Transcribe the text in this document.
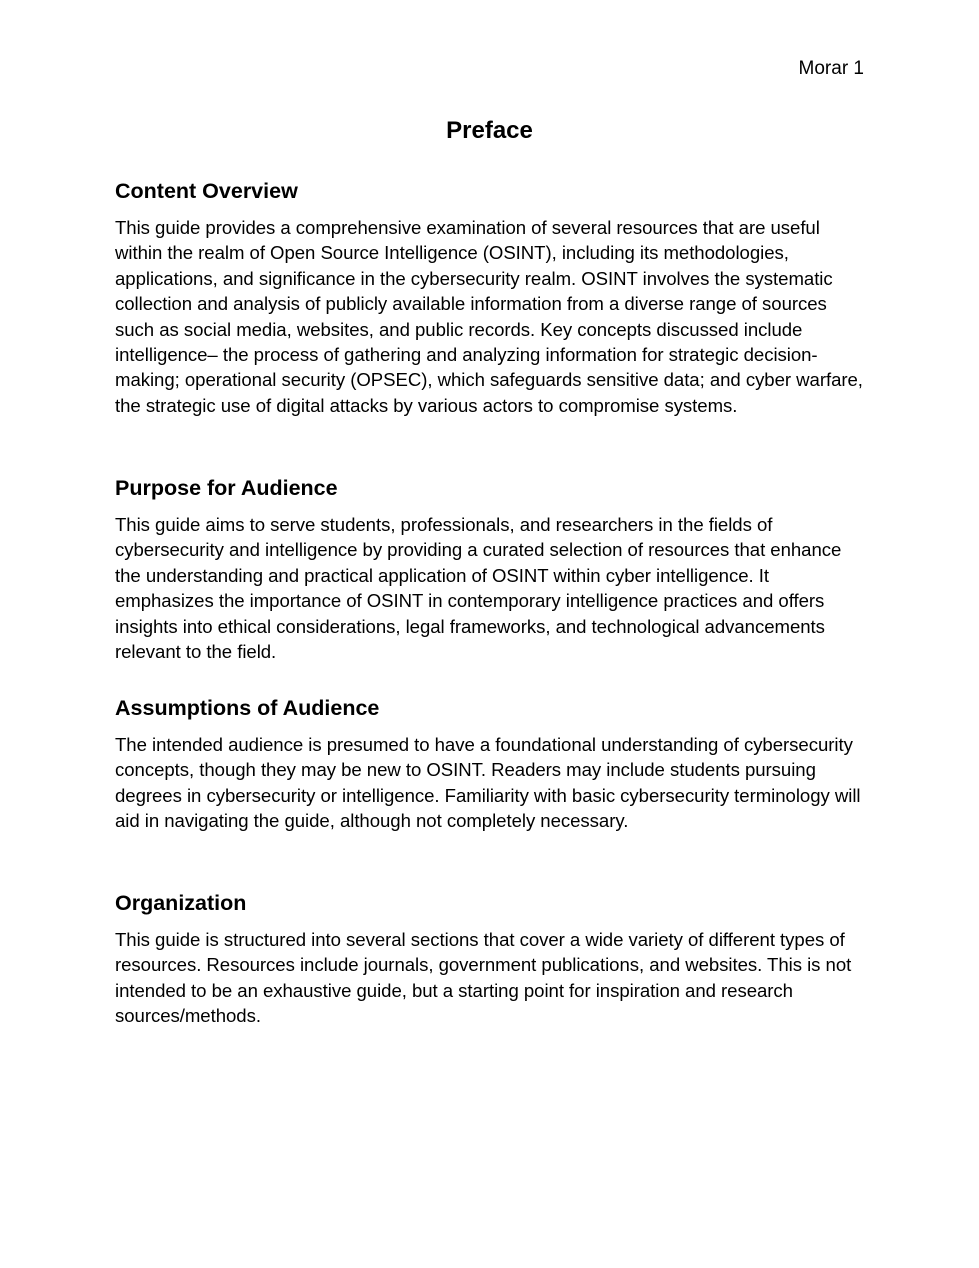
Morar 1
Preface
Content Overview

This guide provides a comprehensive examination of several resources that are useful within the realm of Open Source Intelligence (OSINT), including its methodologies, applications, and significance in the cybersecurity realm. OSINT involves the systematic collection and analysis of publicly available information from a diverse range of sources such as social media, websites, and public records. Key concepts discussed include intelligence– the process of gathering and analyzing information for strategic decision-making; operational security (OPSEC), which safeguards sensitive data; and cyber warfare, the strategic use of digital attacks by various actors to compromise systems.

Purpose for Audience

This guide aims to serve students, professionals, and researchers in the fields of cybersecurity and intelligence by providing a curated selection of resources that enhance the understanding and practical application of OSINT within cyber intelligence. It emphasizes the importance of OSINT in contemporary intelligence practices and offers insights into ethical considerations, legal frameworks, and technological advancements relevant to the field.

Assumptions of Audience

The intended audience is presumed to have a foundational understanding of cybersecurity concepts, though they may be new to OSINT. Readers may include students pursuing degrees in cybersecurity or intelligence. Familiarity with basic cybersecurity terminology will aid in navigating the guide, although not completely necessary.

Organization

This guide is structured into several sections that cover a wide variety of different types of resources. Resources include journals, government publications, and websites. This is not intended to be an exhaustive guide, but a starting point for inspiration and research sources/methods.
